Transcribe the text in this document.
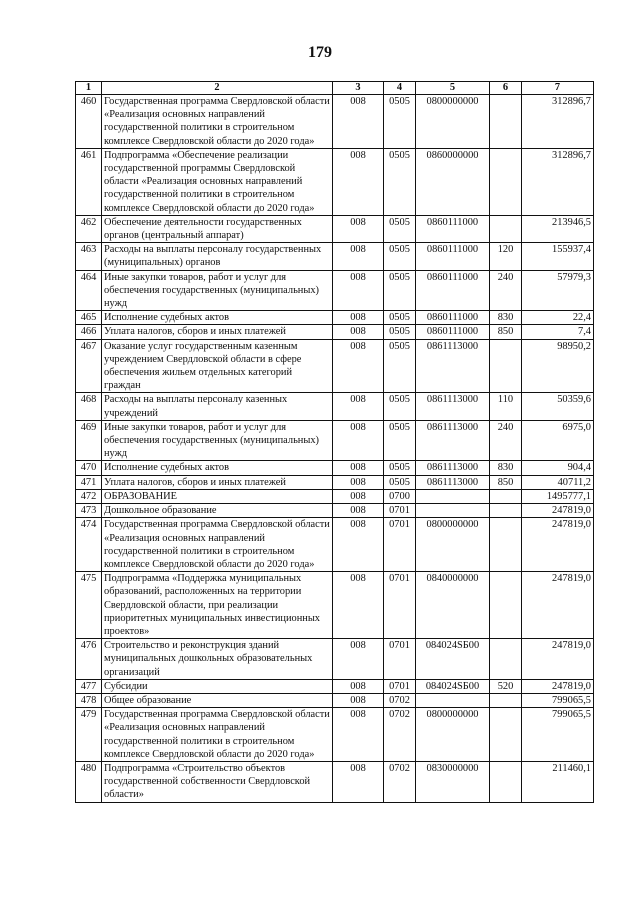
179
1	2	3	4	5	6	7
460	Государственная программа Свердловской области «Реализация основных направлений государственной политики в строительном комплексе Свердловской области до 2020 года»	008	0505	0800000000		312896,7
461	Подпрограмма «Обеспечение реализации государственной программы Свердловской области «Реализация основных направлений государственной политики в строительном комплексе Свердловской области до 2020 года»	008	0505	0860000000		312896,7
462	Обеспечение деятельности государственных органов (центральный аппарат)	008	0505	0860111000		213946,5
463	Расходы на выплаты персоналу государственных (муниципальных) органов	008	0505	0860111000	120	155937,4
464	Иные закупки товаров, работ и услуг для обеспечения государственных (муниципальных) нужд	008	0505	0860111000	240	57979,3
465	Исполнение судебных актов	008	0505	0860111000	830	22,4
466	Уплата налогов, сборов и иных платежей	008	0505	0860111000	850	7,4
467	Оказание услуг государственным казенным учреждением Свердловской области в сфере обеспечения жильем отдельных категорий граждан	008	0505	0861113000		98950,2
468	Расходы на выплаты персоналу казенных учреждений	008	0505	0861113000	110	50359,6
469	Иные закупки товаров, работ и услуг для обеспечения государственных (муниципальных) нужд	008	0505	0861113000	240	6975,0
470	Исполнение судебных актов	008	0505	0861113000	830	904,4
471	Уплата налогов, сборов и иных платежей	008	0505	0861113000	850	40711,2
472	ОБРАЗОВАНИЕ	008	0700			1495777,1
473	Дошкольное образование	008	0701			247819,0
474	Государственная программа Свердловской области «Реализация основных направлений государственной политики в строительном комплексе Свердловской области до 2020 года»	008	0701	0800000000		247819,0
475	Подпрограмма «Поддержка муниципальных образований, расположенных на территории Свердловской области, при реализации приоритетных муниципальных инвестиционных проектов»	008	0701	0840000000		247819,0
476	Строительство и реконструкция зданий муниципальных дошкольных образовательных организаций	008	0701	084024SБ00		247819,0
477	Субсидии	008	0701	084024SБ00	520	247819,0
478	Общее образование	008	0702			799065,5
479	Государственная программа Свердловской области «Реализация основных направлений государственной политики в строительном комплексе Свердловской области до 2020 года»	008	0702	0800000000		799065,5
480	Подпрограмма «Строительство объектов государственной собственности Свердловской области»	008	0702	0830000000		211460,1
